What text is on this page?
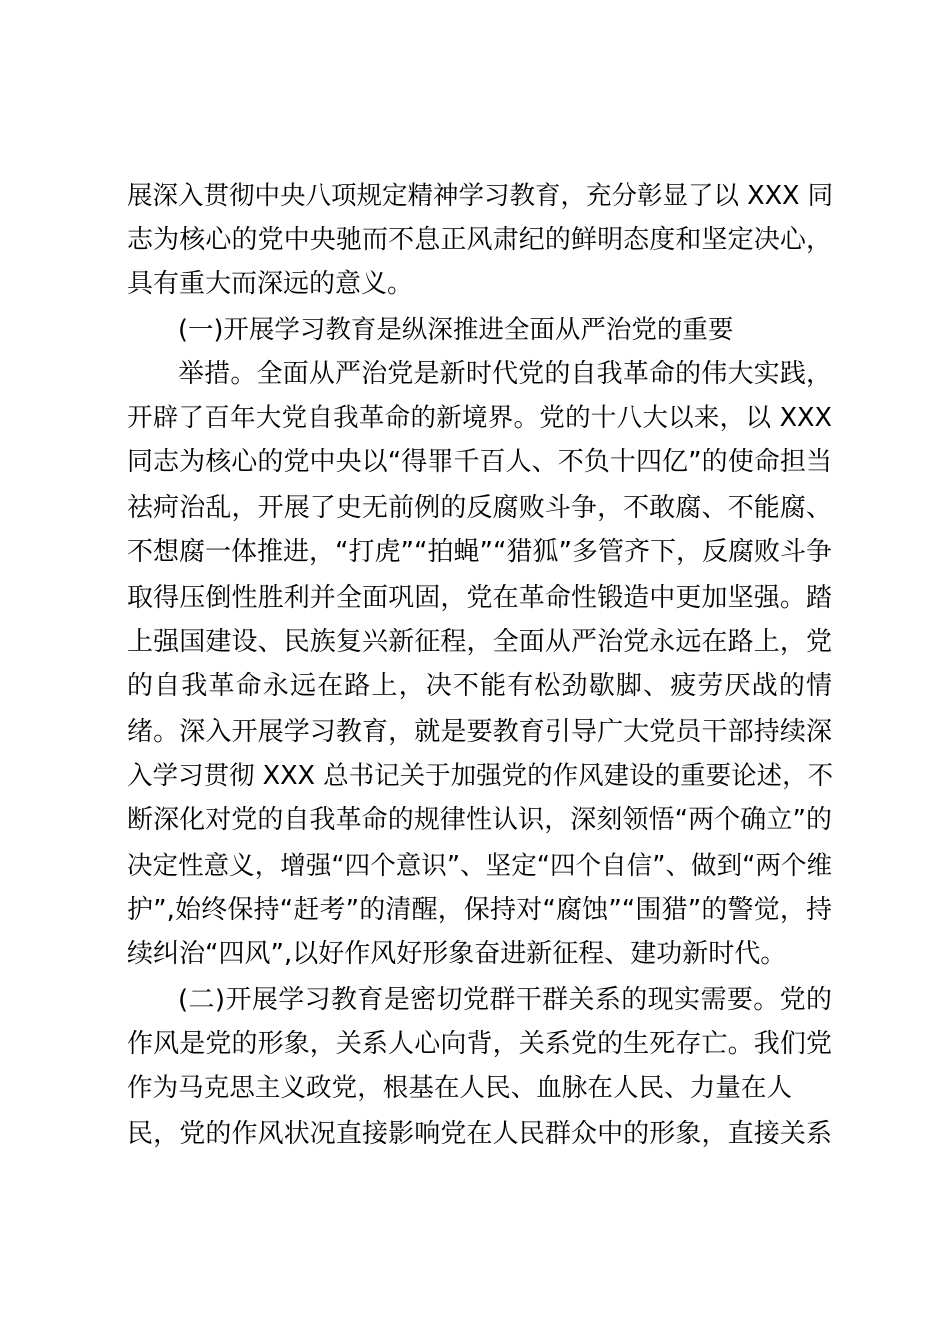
展深入贯彻中央八项规定精神学习教育，充分彰显了以 XXX 同
志为核心的党中央驰而不息正风肃纪的鲜明态度和坚定决心，
具有重大而深远的意义。
(一)开展学习教育是纵深推进全面从严治党的重要
举措。全面从严治党是新时代党的自我革命的伟大实践，
开辟了百年大党自我革命的新境界。党的十八大以来，以 XXX
同志为核心的党中央以“得罪千百人、不负十四亿”的使命担当
祛疴治乱，开展了史无前例的反腐败斗争，不敢腐、不能腐、
不想腐一体推进，“打虎”“拍蝇”“猎狐”多管齐下，反腐败斗争
取得压倒性胜利并全面巩固，党在革命性锻造中更加坚强。踏
上强国建设、民族复兴新征程，全面从严治党永远在路上，党
的自我革命永远在路上，决不能有松劲歇脚、疲劳厌战的情
绪。深入开展学习教育，就是要教育引导广大党员干部持续深
入学习贯彻 XXX 总书记关于加强党的作风建设的重要论述，不
断深化对党的自我革命的规律性认识，深刻领悟“两个确立”的
决定性意义，增强“四个意识”、坚定“四个自信”、做到“两个维
护”,始终保持“赶考”的清醒，保持对“腐蚀”“围猎”的警觉，持
续纠治“四风”,以好作风好形象奋进新征程、建功新时代。
(二)开展学习教育是密切党群干群关系的现实需要。党的
作风是党的形象，关系人心向背，关系党的生死存亡。我们党
作为马克思主义政党，根基在人民、血脉在人民、力量在人
民，党的作风状况直接影响党在人民群众中的形象，直接关系
